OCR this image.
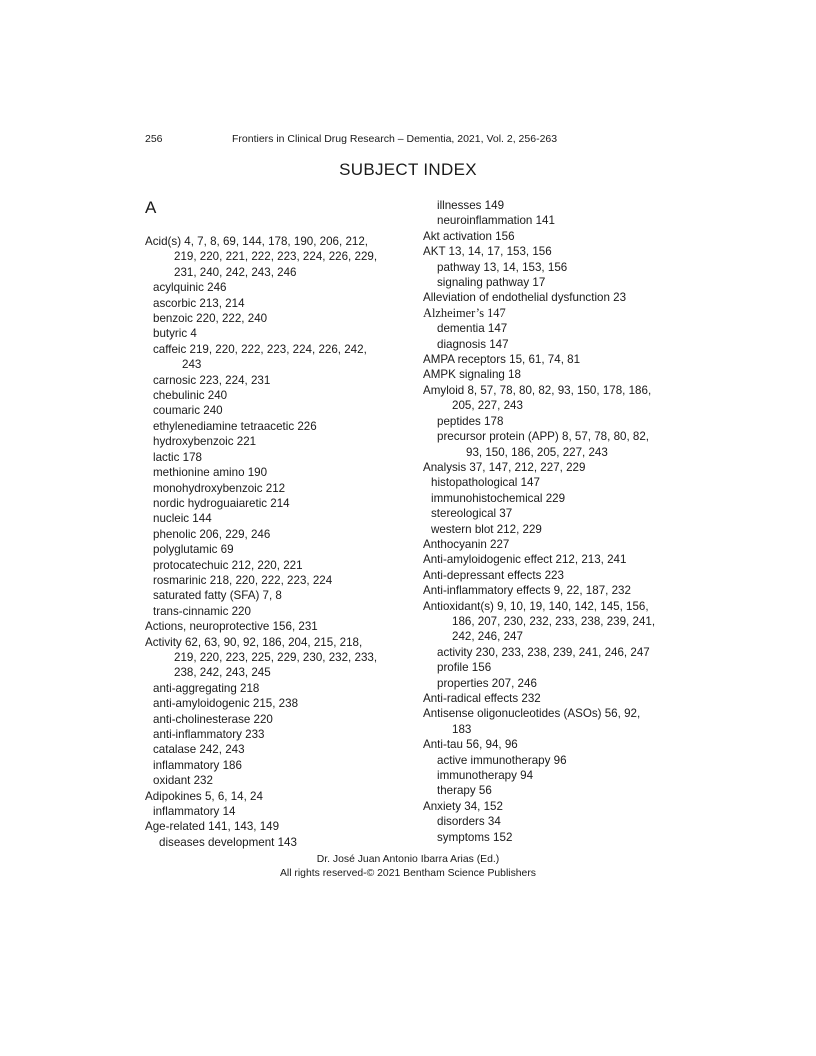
256	Frontiers in Clinical Drug Research – Dementia, 2021, Vol. 2, 256-263
SUBJECT INDEX
A
Acid(s) 4, 7, 8, 69, 144, 178, 190, 206, 212,
219, 220, 221, 222, 223, 224, 226, 229,
231, 240, 242, 243, 246
acylquinic 246
ascorbic 213, 214
benzoic 220, 222, 240
butyric 4
caffeic 219, 220, 222, 223, 224, 226, 242,
243
carnosic 223, 224, 231
chebulinic 240
coumaric 240
ethylenediamine tetraacetic 226
hydroxybenzoic 221
lactic 178
methionine amino 190
monohydroxybenzoic 212
nordic hydroguaiaretic 214
nucleic 144
phenolic 206, 229, 246
polyglutamic 69
protocatechuic 212, 220, 221
rosmarinic 218, 220, 222, 223, 224
saturated fatty (SFA) 7, 8
trans-cinnamic 220
Actions, neuroprotective 156, 231
Activity 62, 63, 90, 92, 186, 204, 215, 218,
219, 220, 223, 225, 229, 230, 232, 233,
238, 242, 243, 245
anti-aggregating 218
anti-amyloidogenic 215, 238
anti-cholinesterase 220
anti-inflammatory 233
catalase 242, 243
inflammatory 186
oxidant 232
Adipokines 5, 6, 14, 24
inflammatory 14
Age-related 141, 143, 149
diseases development 143
illnesses 149
neuroinflammation 141
Akt activation 156
AKT 13, 14, 17, 153, 156
pathway 13, 14, 153, 156
signaling pathway 17
Alleviation of endothelial dysfunction 23
Alzheimer’s 147
dementia 147
diagnosis 147
AMPA receptors 15, 61, 74, 81
AMPK signaling 18
Amyloid 8, 57, 78, 80, 82, 93, 150, 178, 186,
205, 227, 243
peptides 178
precursor protein (APP) 8, 57, 78, 80, 82,
93, 150, 186, 205, 227, 243
Analysis 37, 147, 212, 227, 229
histopathological 147
immunohistochemical 229
stereological 37
western blot 212, 229
Anthocyanin 227
Anti-amyloidogenic effect 212, 213, 241
Anti-depressant effects 223
Anti-inflammatory effects 9, 22, 187, 232
Antioxidant(s) 9, 10, 19, 140, 142, 145, 156,
186, 207, 230, 232, 233, 238, 239, 241,
242, 246, 247
activity 230, 233, 238, 239, 241, 246, 247
profile 156
properties 207, 246
Anti-radical effects 232
Antisense oligonucleotides (ASOs) 56, 92,
183
Anti-tau 56, 94, 96
active immunotherapy 96
immunotherapy 94
therapy 56
Anxiety 34, 152
disorders 34
symptoms 152
Dr. José Juan Antonio Ibarra Arias (Ed.)
All rights reserved-© 2021 Bentham Science Publishers
